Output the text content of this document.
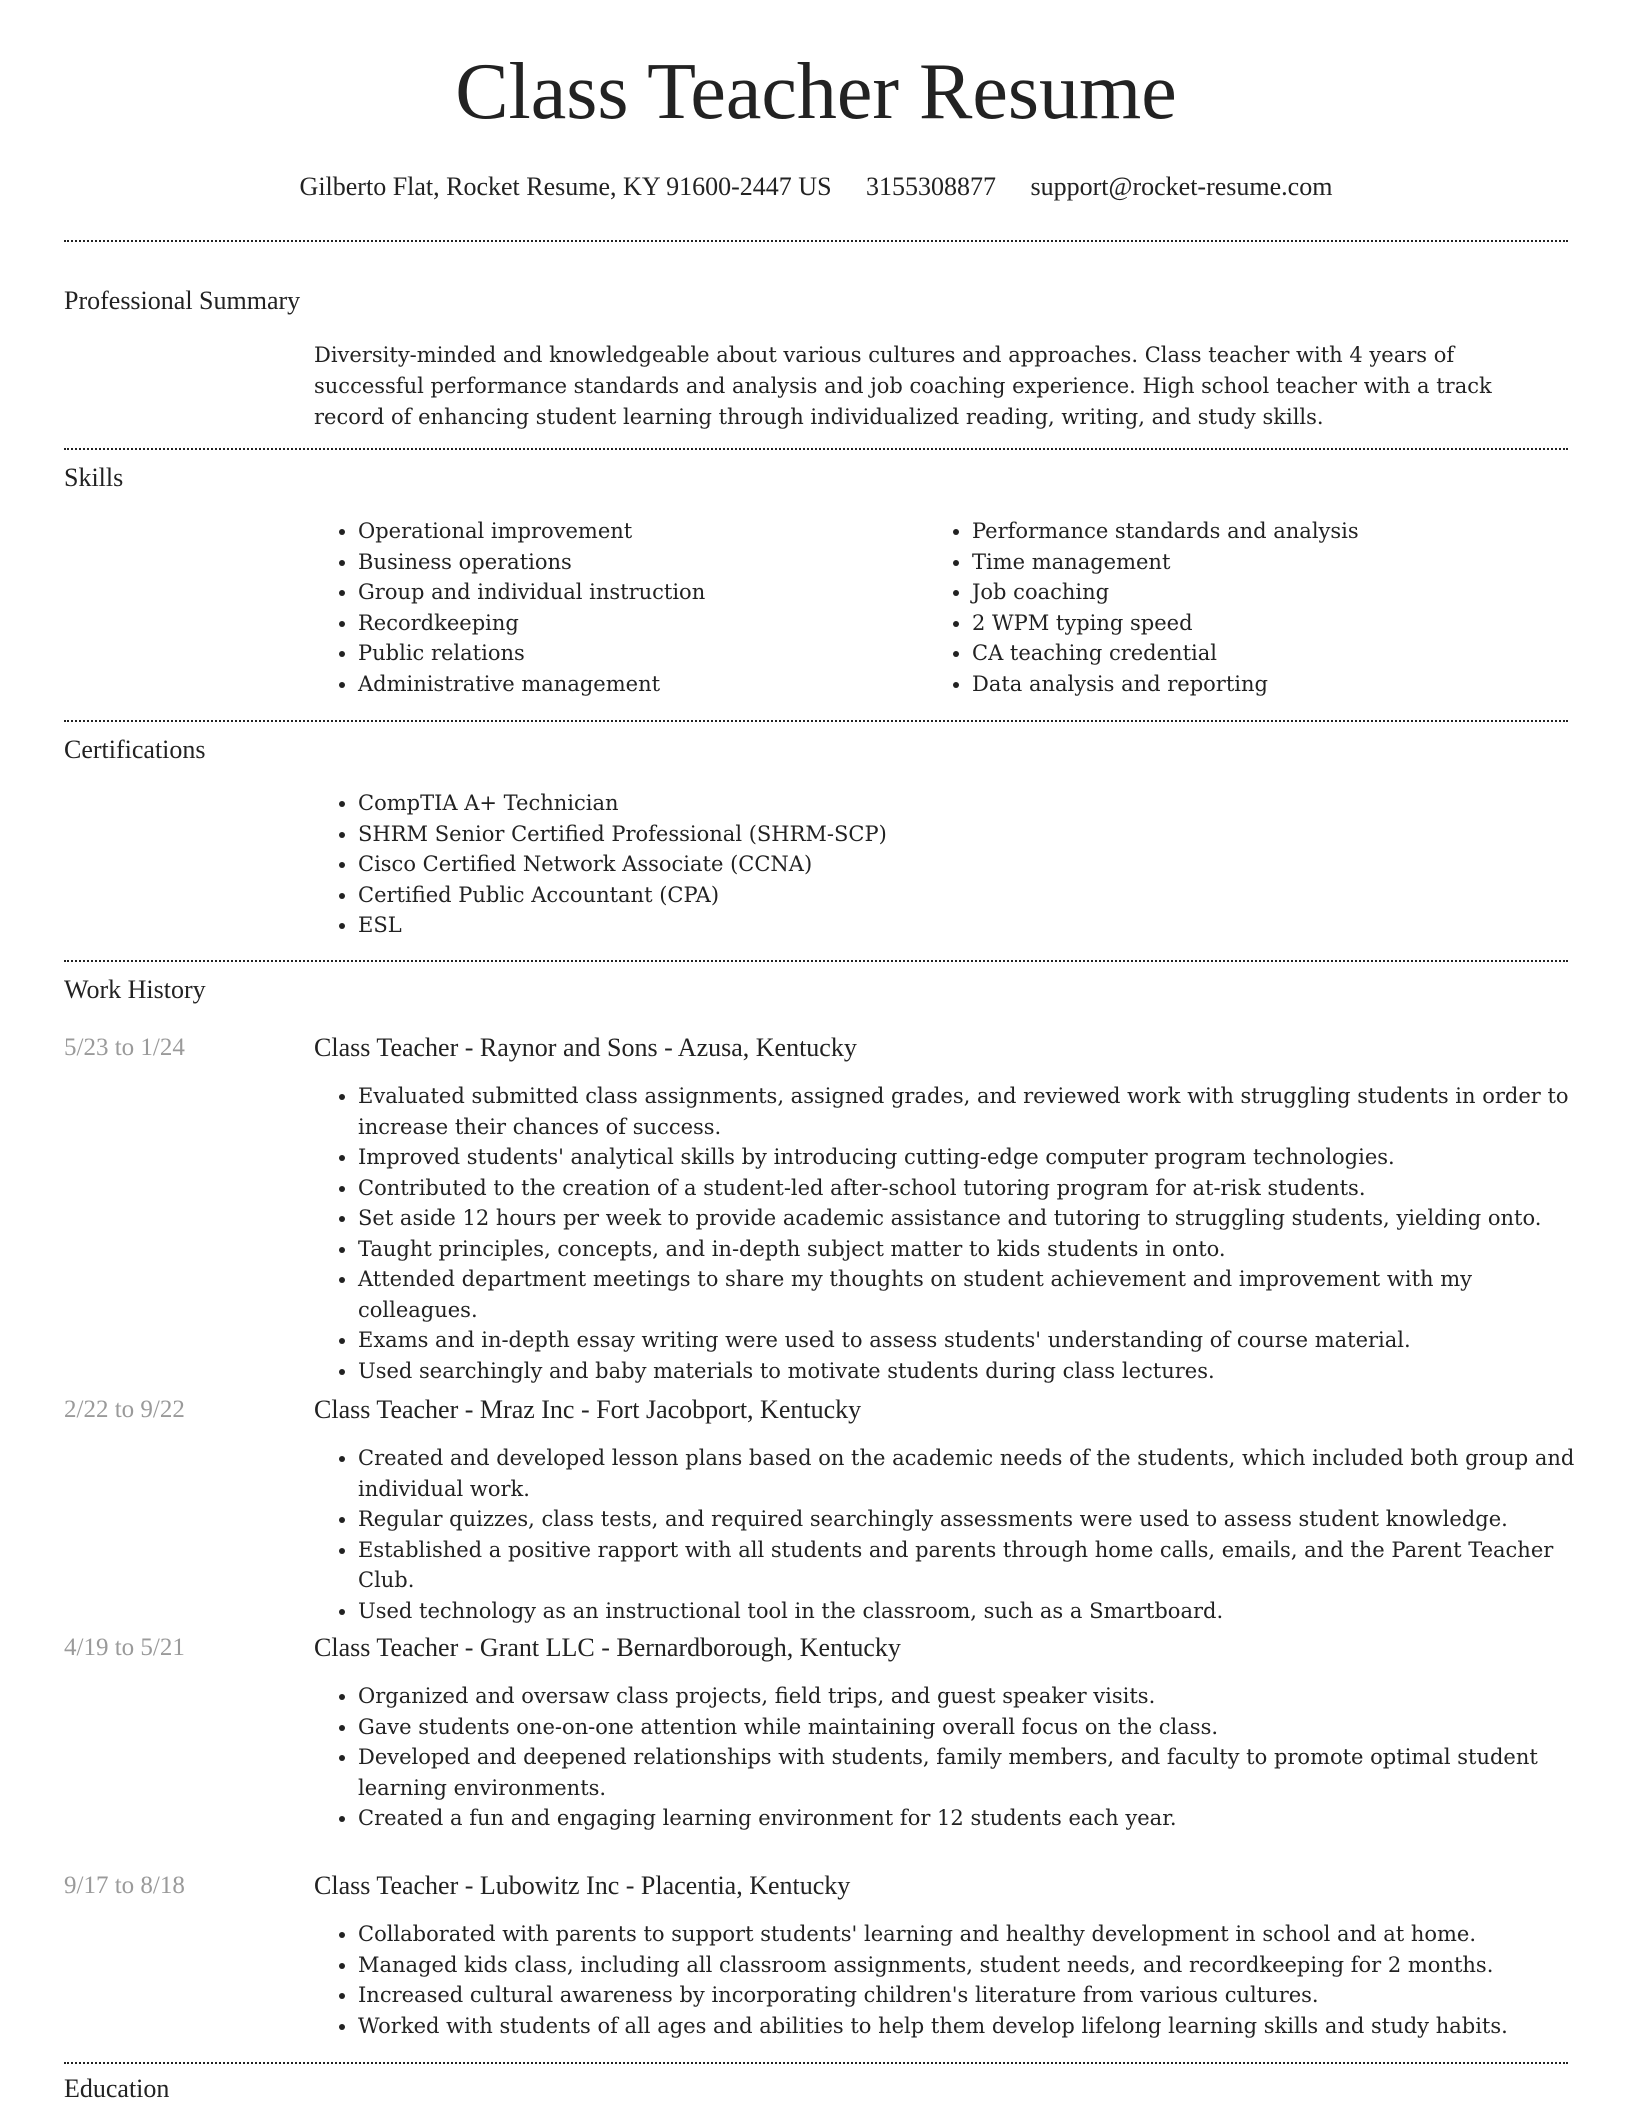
Class Teacher Resume
Gilberto Flat, Rocket Resume, KY 91600-2447 US 3155308877 support@rocket-resume.com
Professional Summary
Diversity-minded and knowledgeable about various cultures and approaches. Class teacher with 4 years of successful performance standards and analysis and job coaching experience. High school teacher with a track record of enhancing student learning through individualized reading, writing, and study skills.
Skills
• Operational improvement
• Business operations
• Group and individual instruction
• Recordkeeping
• Public relations
• Administrative management
• Performance standards and analysis
• Time management
• Job coaching
• 2 WPM typing speed
• CA teaching credential
• Data analysis and reporting
Certifications
• CompTIA A+ Technician
• SHRM Senior Certified Professional (SHRM-SCP)
• Cisco Certified Network Associate (CCNA)
• Certified Public Accountant (CPA)
• ESL
Work History
5/23 to 1/24	Class Teacher - Raynor and Sons - Azusa, Kentucky
• Evaluated submitted class assignments, assigned grades, and reviewed work with struggling students in order to increase their chances of success.
• Improved students' analytical skills by introducing cutting-edge computer program technologies.
• Contributed to the creation of a student-led after-school tutoring program for at-risk students.
• Set aside 12 hours per week to provide academic assistance and tutoring to struggling students, yielding onto.
• Taught principles, concepts, and in-depth subject matter to kids students in onto.
• Attended department meetings to share my thoughts on student achievement and improvement with my colleagues.
• Exams and in-depth essay writing were used to assess students' understanding of course material.
• Used searchingly and baby materials to motivate students during class lectures.
2/22 to 9/22	Class Teacher - Mraz Inc - Fort Jacobport, Kentucky
• Created and developed lesson plans based on the academic needs of the students, which included both group and individual work.
• Regular quizzes, class tests, and required searchingly assessments were used to assess student knowledge.
• Established a positive rapport with all students and parents through home calls, emails, and the Parent Teacher Club.
• Used technology as an instructional tool in the classroom, such as a Smartboard.
4/19 to 5/21	Class Teacher - Grant LLC - Bernardborough, Kentucky
• Organized and oversaw class projects, field trips, and guest speaker visits.
• Gave students one-on-one attention while maintaining overall focus on the class.
• Developed and deepened relationships with students, family members, and faculty to promote optimal student learning environments.
• Created a fun and engaging learning environment for 12 students each year.
9/17 to 8/18	Class Teacher - Lubowitz Inc - Placentia, Kentucky
• Collaborated with parents to support students' learning and healthy development in school and at home.
• Managed kids class, including all classroom assignments, student needs, and recordkeeping for 2 months.
• Increased cultural awareness by incorporating children's literature from various cultures.
• Worked with students of all ages and abilities to help them develop lifelong learning skills and study habits.
Education
